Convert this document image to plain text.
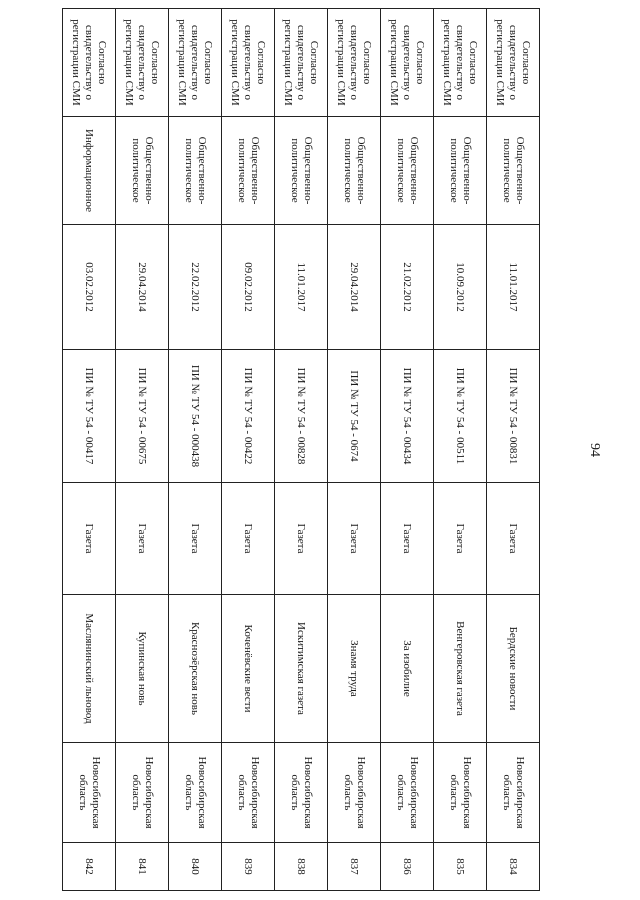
94
Согласно свидетельству о регистрации СМИ	Общественно-политическое	11.01.2017	ПИ № ТУ 54 - 00831	Газета	Бердские новости	Новосибирская область	834
Согласно свидетельству о регистрации СМИ	Общественно-политическое	10.09.2012	ПИ № ТУ 54 - 00511	Газета	Венгеровская газета	Новосибирская область	835
Согласно свидетельству о регистрации СМИ	Общественно-политическое	21.02.2012	ПИ № ТУ 54 - 00434	Газета	За изобилие	Новосибирская область	836
Согласно свидетельству о регистрации СМИ	Общественно-политическое	29.04.2014	ПИ № ТУ 54 - 0674	Газета	Знамя труда	Новосибирская область	837
Согласно свидетельству о регистрации СМИ	Общественно-политическое	11.01.2017	ПИ № ТУ 54 - 00828	Газета	Искитимская газета	Новосибирская область	838
Согласно свидетельству о регистрации СМИ	Общественно-политическое	09.02.2012	ПИ № ТУ 54 - 00422	Газета	Коченёвские вести	Новосибирская область	839
Согласно свидетельству о регистрации СМИ	Общественно-политическое	22.02.2012	ПИ № ТУ 54 - 000438	Газета	Краснозёрская новь	Новосибирская область	840
Согласно свидетельству о регистрации СМИ	Общественно-политическое	29.04.2014	ПИ № ТУ 54 - 00675	Газета	Купинская новь	Новосибирская область	841
Согласно свидетельству о регистрации СМИ	Информационное	03.02.2012	ПИ № ТУ 54 - 00417	Газета	Маслянинский льновод	Новосибирская область	842
